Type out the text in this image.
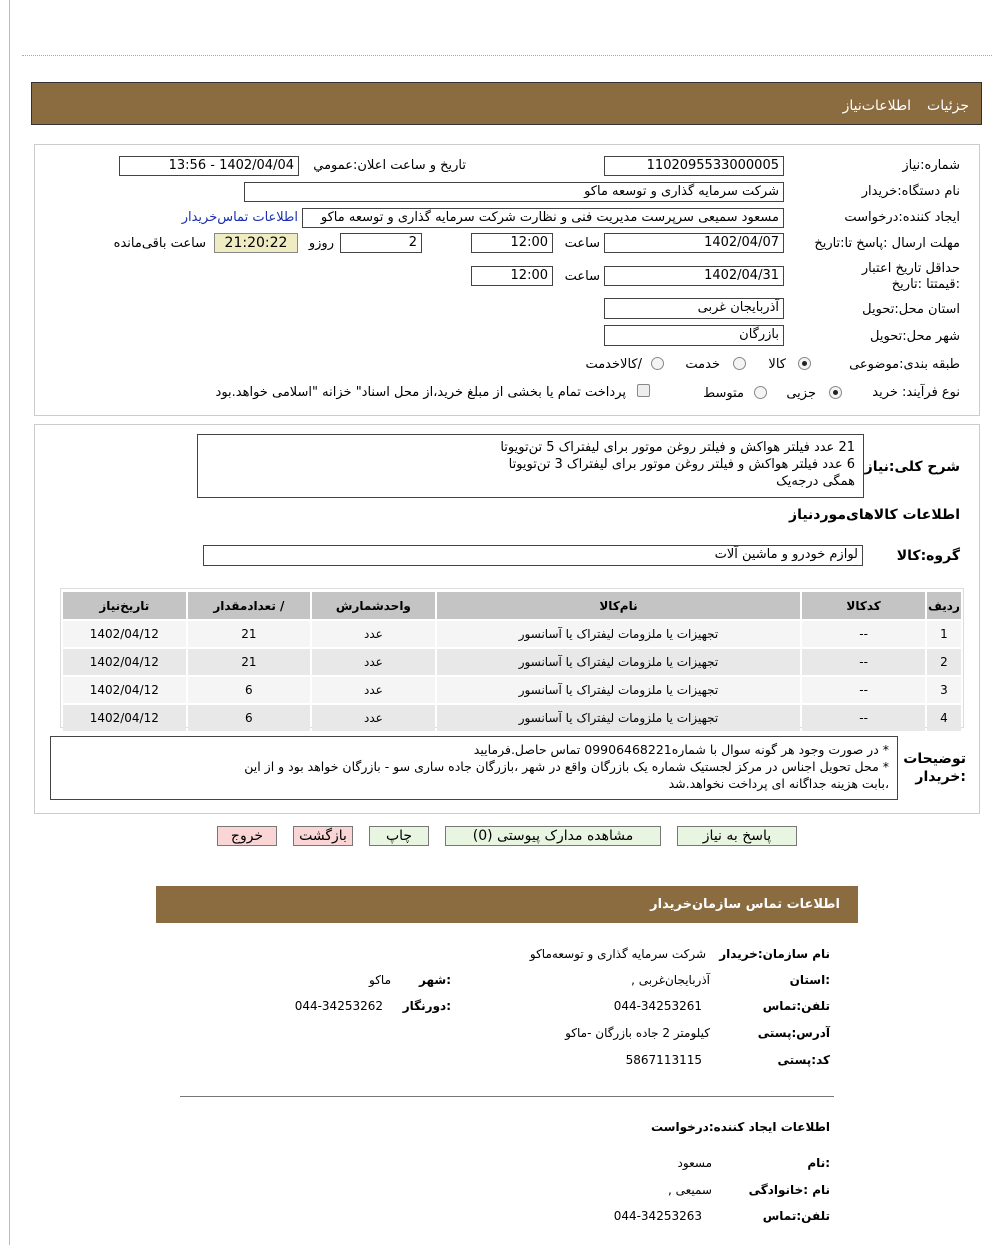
جزئیات
اطلاعات‌نیاز
شماره:نیاز
1102095533000005
تاریخ و ساعت اعلان:عمومي
1402/04/04 - 13:56
نام دستگاه:خریدار
شرکت سرمایه گذاری و توسعه ماکو
ایجاد کننده:درخواست
مسعود سمیعی سرپرست مدیریت فنی و نظارت شرکت سرمایه گذاری و توسعه ماکو
اطلاعات تماس‌خریدار
مهلت ارسال :پاسخ تا:تاریخ
1402/04/07
ساعت
12:00
2
روزو
21:20:22
ساعت باقی‌مانده
حداقل تاریخ اعتبار :قیمتتا :تاریخ
1402/04/31
ساعت
12:00
استان محل:تحویل
آذربایجان غربی
شهر محل:تحویل
بازرگان
طبقه بندی:موضوعی
کالا
خدمت
/کالاخدمت
نوع فرآیند: خرید
جزیی
متوسط
پرداخت تمام یا بخشی از مبلغ خرید،از محل اسناد" خزانه "اسلامی خواهد.بود
شرح کلی:نیاز
21 عدد فیلتر هواکش و فیلتر روغن موتور برای لیفتراک 5 تن‌تویوتا
6 عدد فیلتر هواکش و فیلتر روغن موتور برای لیفتراک 3 تن‌تویوتا
همگی درجه‌یک
اطلاعات کالاهای‌موردنیاز
گروه:کالا
لوازم خودرو و ماشین آلات
ردیف	کدکالا	نام‌کالا	واحدشمارش	/ تعدادمقدار	تاریخ‌نیاز
1	--	تجهیزات یا ملزومات لیفتراک یا آسانسور	عدد	21	1402/04/12
2	--	تجهیزات یا ملزومات لیفتراک یا آسانسور	عدد	21	1402/04/12
3	--	تجهیزات یا ملزومات لیفتراک یا آسانسور	عدد	6	1402/04/12
4	--	تجهیزات یا ملزومات لیفتراک یا آسانسور	عدد	6	1402/04/12
توضیحات :خریدار
* در صورت وجود هر گونه سوال با شماره09906468221 تماس حاصل.فرمایید
* محل تحویل اجناس در مرکز لجستیک شماره یک بازرگان واقع در شهر ،بازرگان جاده ساری سو - بازرگان خواهد بود و از این
،بابت هزینه جداگانه ای پرداخت نخواهد.شد
پاسخ به نیاز
مشاهده مدارک پیوستی (0)
چاپ
بازگشت
خروج
اطلاعات تماس سازمان‌خریدار
نام سازمان:خریدار
شرکت سرمایه گذاری و توسعه‌ماکو
:استان
آذربایجان‌غربی ,
:شهر
ماکو
تلفن:تماس
044-34253261
:دورنگار
044-34253262
آدرس:پستی
کیلومتر 2 جاده بازرگان -ماکو
کد:پستی
5867113115
اطلاعات ایجاد کننده:درخواست
:نام
مسعود
نام :خانوادگی
سمیعی ,
تلفن:تماس
044-34253263
